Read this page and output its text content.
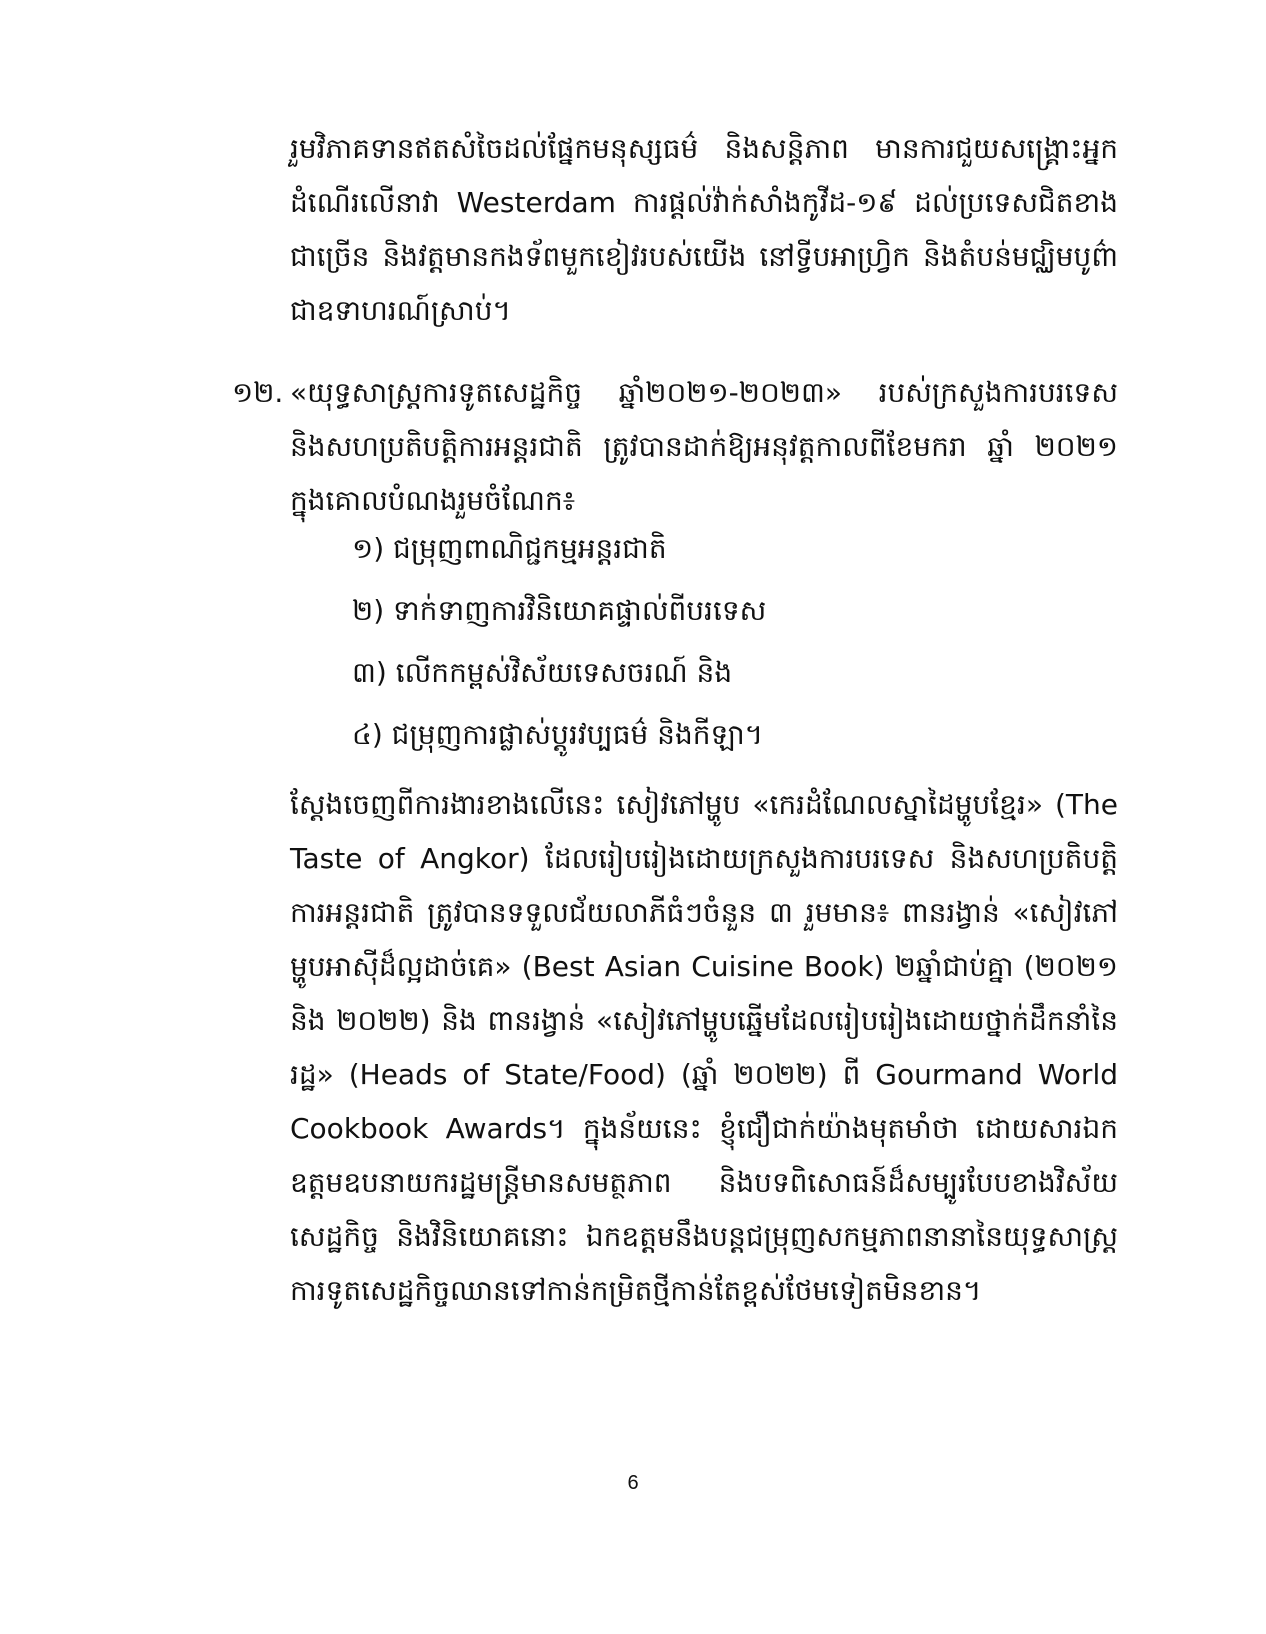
រួមវិភាគទានឥតសំចៃដល់ផ្នែកមនុស្សធម៌ និងសន្តិភាព មានការជួយសង្គ្រោះអ្នកដំណើរលើនាវា Westerdam ការផ្តល់វ៉ាក់សាំងកូវីដ-១៩ ដល់ប្រទេសជិតខាងជាច្រើន និងវត្តមានកងទ័ពមួកខៀវរបស់យើង នៅទ្វីបអាហ្វ្រិក និងតំបន់មជ្ឈិមបូព៌ា ជាឧទាហរណ៍ស្រាប់។

១២. «យុទ្ធសាស្ត្រការទូតសេដ្ឋកិច្ច ឆ្នាំ២០២១-២០២៣» របស់ក្រសួងការបរទេស និងសហប្រតិបត្តិការអន្តរជាតិ ត្រូវបានដាក់ឱ្យអនុវត្តកាលពីខែមករា ឆ្នាំ ២០២១ ក្នុងគោលបំណងរួមចំណែក៖
១) ជម្រុញពាណិជ្ជកម្មអន្តរជាតិ
២) ទាក់ទាញការវិនិយោគផ្ទាល់ពីបរទេស
៣) លើកកម្ពស់វិស័យទេសចរណ៍ និង
៤) ជម្រុញការផ្លាស់ប្តូរវប្បធម៌ និងកីឡា។

ស្តែងចេញពីការងារខាងលើនេះ សៀវភៅម្ហូប «កេរដំណែលស្នាដៃម្ហូបខ្មែរ» (The Taste of Angkor) ដែលរៀបរៀងដោយក្រសួងការបរទេស និងសហប្រតិបត្តិការអន្តរជាតិ ត្រូវបានទទួលជ័យលាភីធំៗចំនួន ៣ រួមមាន៖ ពានរង្វាន់ «សៀវភៅម្ហូបអាស៊ីដ៏ល្អដាច់គេ» (Best Asian Cuisine Book) ២ឆ្នាំជាប់គ្នា (២០២១ និង ២០២២) និង ពានរង្វាន់ «សៀវភៅម្ហូបឆ្នើមដែលរៀបរៀងដោយថ្នាក់ដឹកនាំនៃរដ្ឋ» (Heads of State/Food) (ឆ្នាំ ២០២២) ពី Gourmand World Cookbook Awards។ ក្នុងន័យនេះ ខ្ញុំជឿជាក់យ៉ាងមុតមាំថា ដោយសារឯកឧត្តមឧបនាយករដ្ឋមន្ត្រីមានសមត្ថភាព និងបទពិសោធន៍ដ៏សម្បូរបែបខាងវិស័យសេដ្ឋកិច្ច និងវិនិយោគនោះ ឯកឧត្តមនឹងបន្តជម្រុញសកម្មភាពនានានៃយុទ្ធសាស្ត្រការទូតសេដ្ឋកិច្ចឈានទៅកាន់កម្រិតថ្មីកាន់តែខ្ពស់ថែមទៀតមិនខាន។

6
